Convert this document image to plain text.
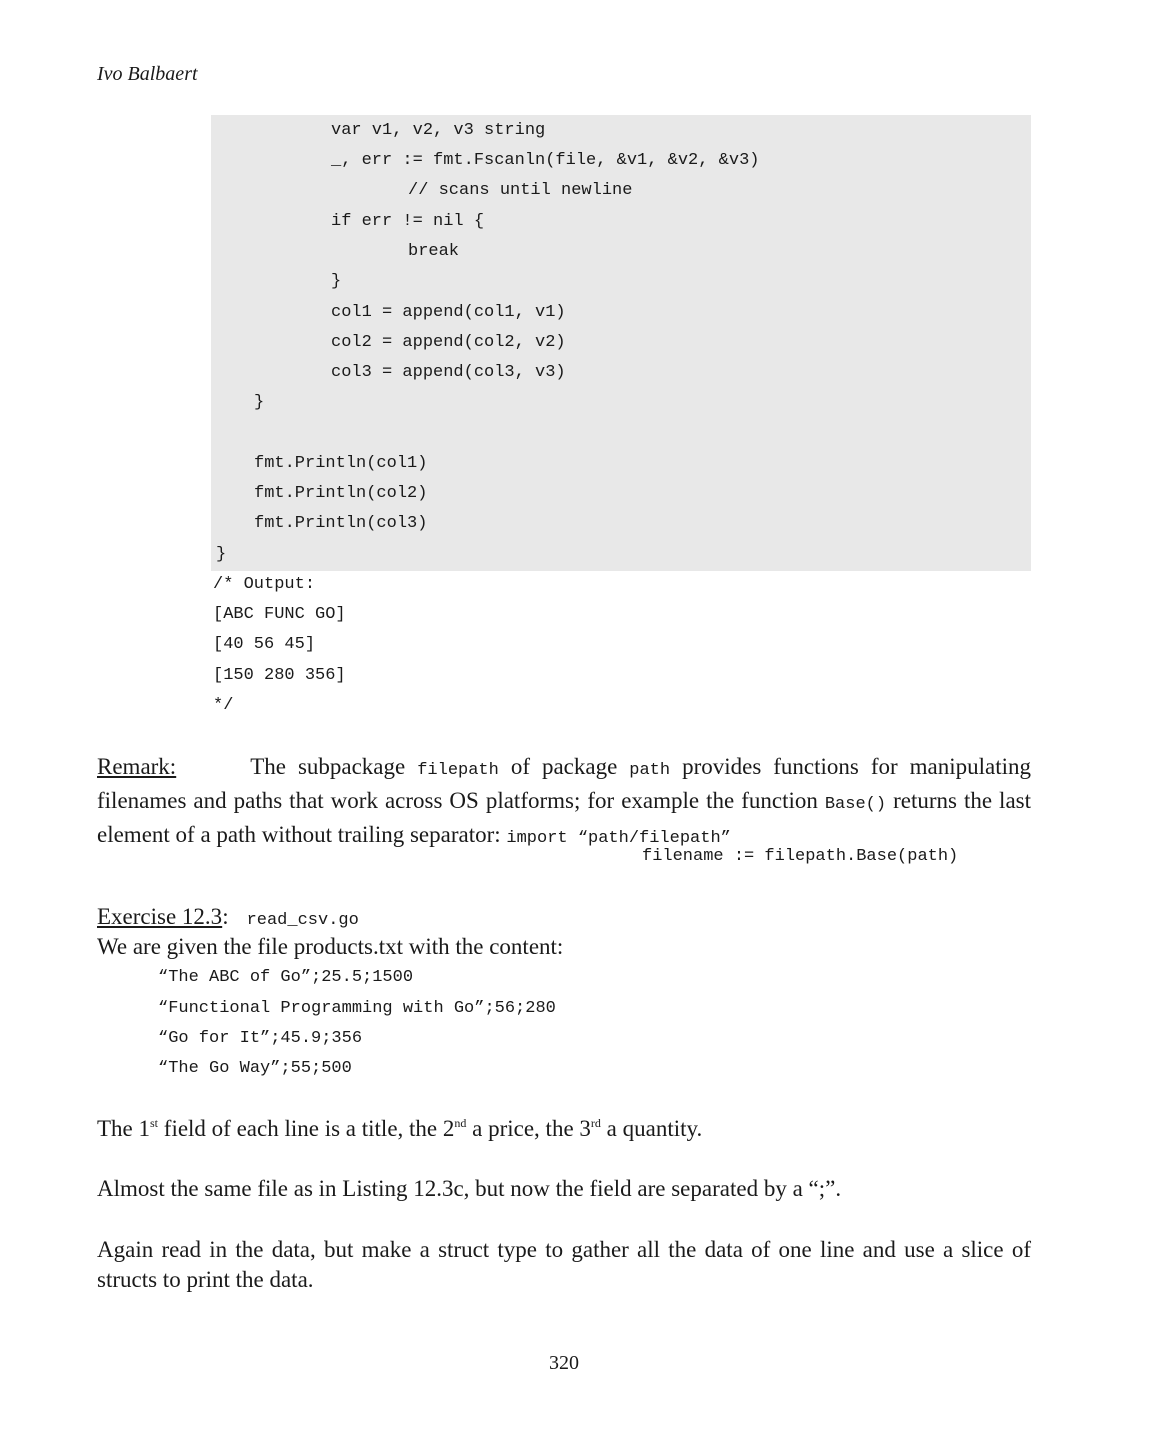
Ivo Balbaert
var v1, v2, v3 string
_, err := fmt.Fscanln(file, &v1, &v2, &v3)
// scans until newline
if err != nil {
break
}
col1 = append(col1, v1)
col2 = append(col2, v2)
col3 = append(col3, v3)
}
fmt.Println(col1)
fmt.Println(col2)
fmt.Println(col3)
}
/* Output:
[ABC FUNC GO]
[40 56 45]
[150 280 356]
*/
Remark:	The subpackage filepath of package path provides functions for manipulating filenames and paths that work across OS platforms; for example the function Base() returns the last element of a path without trailing separator: import “path/filepath”
filename := filepath.Base(path)
Exercise 12.3: read_csv.go
We are given the file products.txt with the content:
“The ABC of Go”;25.5;1500
“Functional Programming with Go”;56;280
“Go for It”;45.9;356
“The Go Way”;55;500
The 1st field of each line is a title, the 2nd a price, the 3rd a quantity.
Almost the same file as in Listing 12.3c, but now the field are separated by a “;”.
Again read in the data, but make a struct type to gather all the data of one line and use a slice of structs to print the data.
320
